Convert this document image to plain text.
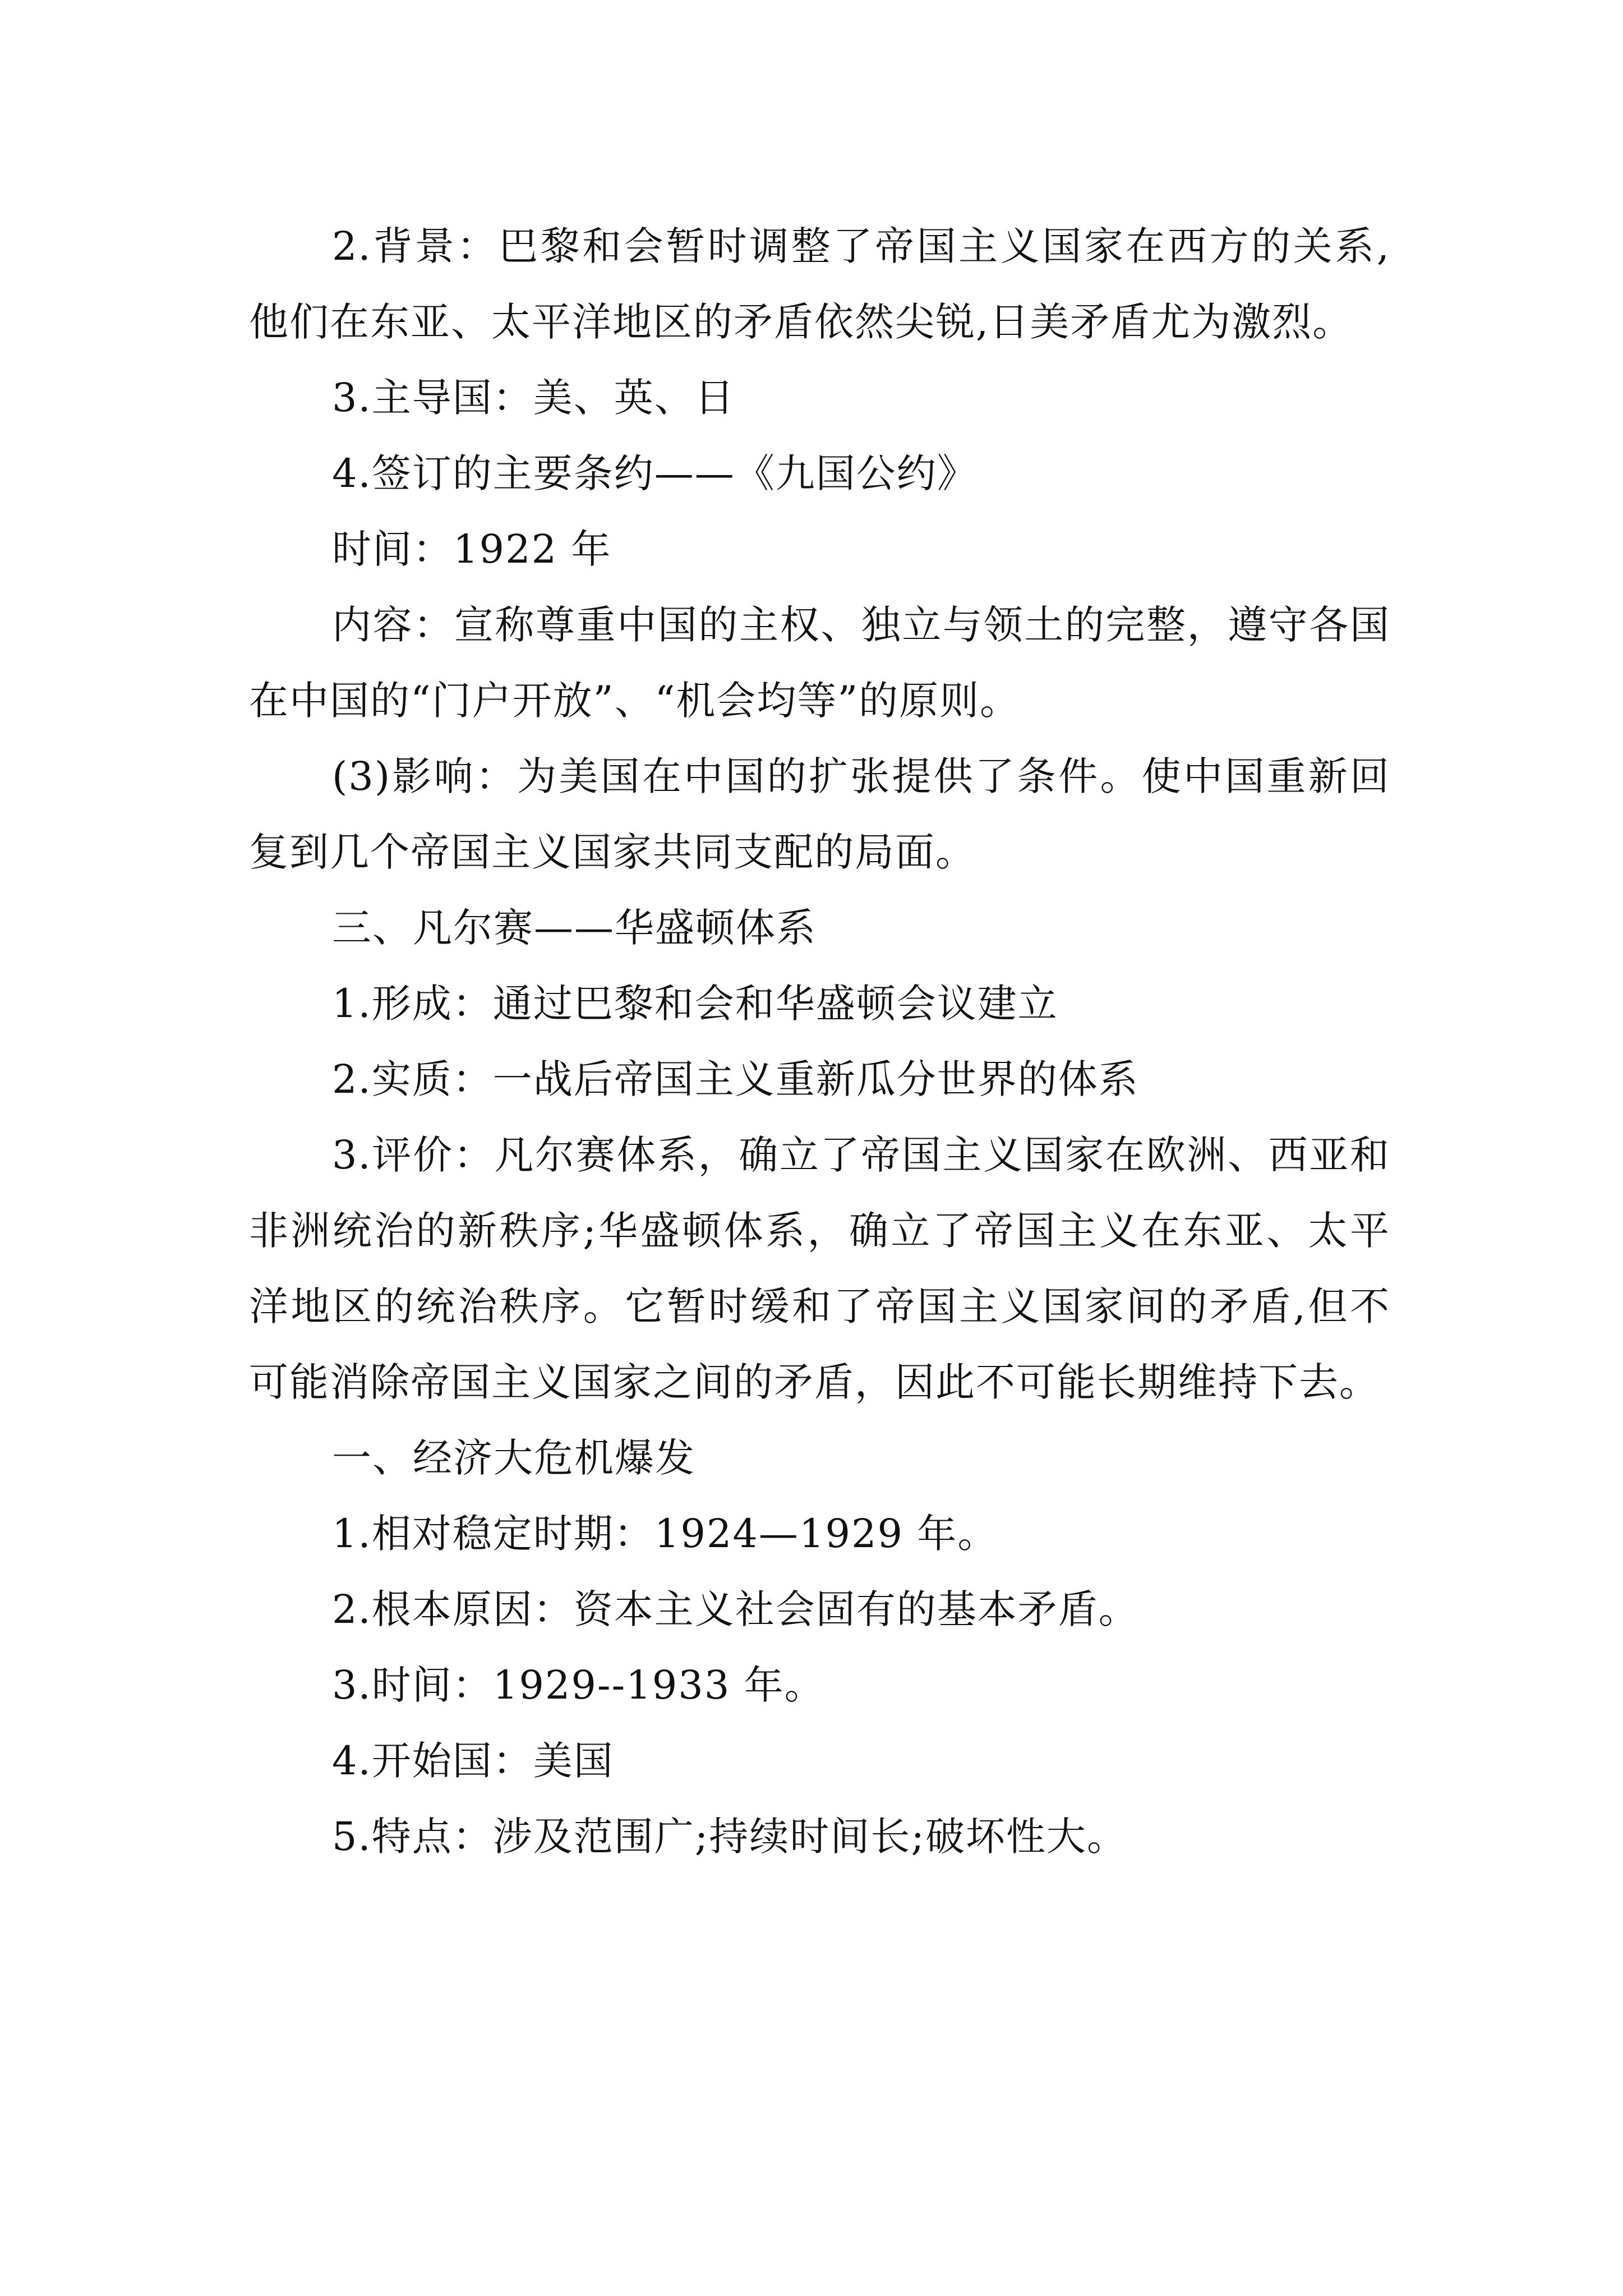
2.背景：巴黎和会暂时调整了帝国主义国家在西方的关系,他们在东亚、太平洋地区的矛盾依然尖锐,日美矛盾尤为激烈。

3.主导国：美、英、日

4.签订的主要条约——《九国公约》

时间：1922 年

内容：宣称尊重中国的主权、独立与领土的完整，遵守各国在中国的“门户开放”、“机会均等”的原则。

(3)影响：为美国在中国的扩张提供了条件。使中国重新回复到几个帝国主义国家共同支配的局面。

三、凡尔赛——华盛顿体系

1.形成：通过巴黎和会和华盛顿会议建立

2.实质：一战后帝国主义重新瓜分世界的体系

3.评价：凡尔赛体系，确立了帝国主义国家在欧洲、西亚和非洲统治的新秩序;华盛顿体系，确立了帝国主义在东亚、太平洋地区的统治秩序。它暂时缓和了帝国主义国家间的矛盾,但不可能消除帝国主义国家之间的矛盾，因此不可能长期维持下去。

一、经济大危机爆发

1.相对稳定时期：1924—1929 年。

2.根本原因：资本主义社会固有的基本矛盾。

3.时间：1929--1933 年。

4.开始国：美国

5.特点：涉及范围广;持续时间长;破坏性大。
